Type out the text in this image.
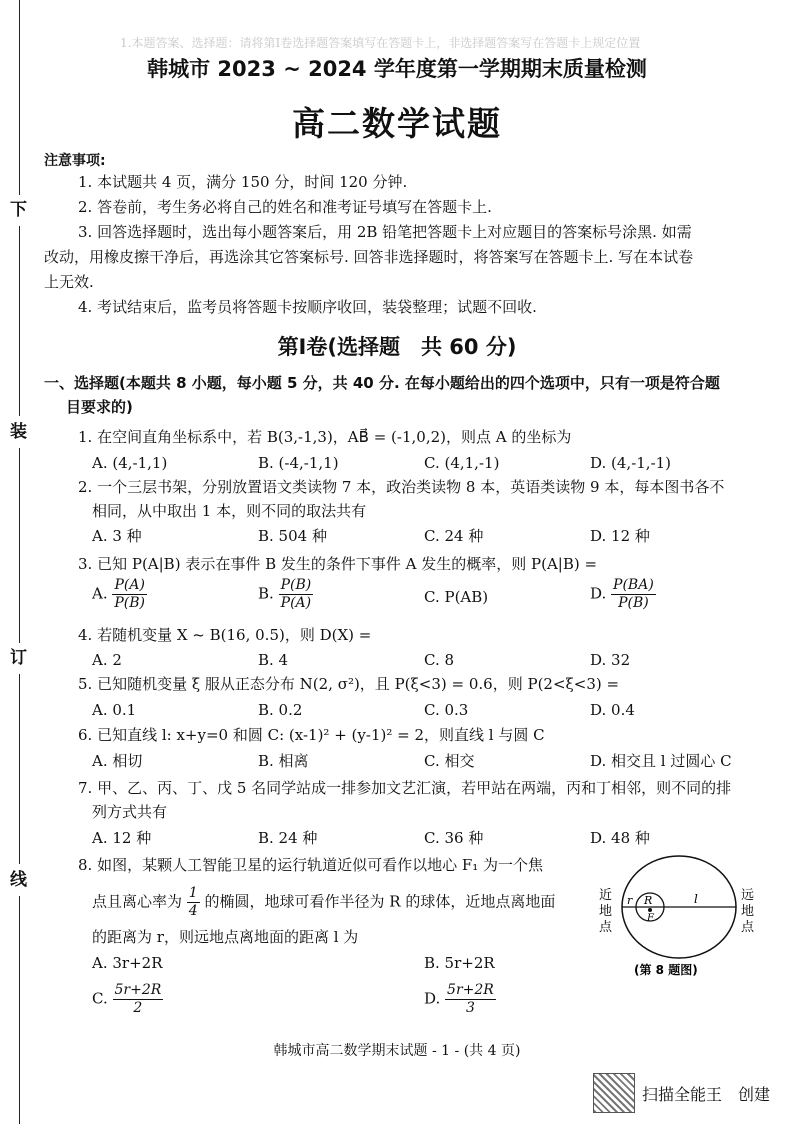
1.本题答案、选择题：请将第Ⅰ卷选择题答案填写在答题卡上，非选择题答案写在答题卡上规定位置
下
装
订
线
韩城市 2023 ~ 2024 学年度第一学期期末质量检测
高二数学试题
注意事项:
1. 本试题共 4 页，满分 150 分，时间 120 分钟.
2. 答卷前，考生务必将自己的姓名和准考证号填写在答题卡上.
3. 回答选择题时，选出每小题答案后，用 2B 铅笔把答题卡上对应题目的答案标号涂黑. 如需
改动，用橡皮擦干净后，再选涂其它答案标号. 回答非选择题时，将答案写在答题卡上. 写在本试卷
上无效.
4. 考试结束后，监考员将答题卡按顺序收回，装袋整理；试题不回收.
第Ⅰ卷(选择题　共 60 分)
一、选择题(本题共 8 小题，每小题 5 分，共 40 分. 在每小题给出的四个选项中，只有一项是符合题
目要求的)
1. 在空间直角坐标系中，若 B(3,-1,3)，AB⃗ = (-1,0,2)，则点 A 的坐标为
A. (4,-1,1)	B. (-4,-1,1)	C. (4,1,-1)	D. (4,-1,-1)
2. 一个三层书架，分别放置语文类读物 7 本，政治类读物 8 本，英语类读物 9 本，每本图书各不
相同，从中取出 1 本，则不同的取法共有
A. 3 种	B. 504 种	C. 24 种	D. 12 种
3. 已知 P(A|B) 表示在事件 B 发生的条件下事件 A 发生的概率，则 P(A|B) =
A. $\frac{P(A)}{P(B)}$	B. $\frac{P(B)}{P(A)}$	C. P(AB)	D. $\frac{P(BA)}{P(B)}$
4. 若随机变量 X ~ B(16, 0.5)，则 D(X) =
A. 2	B. 4	C. 8	D. 32
5. 已知随机变量 ξ 服从正态分布 N(2, σ²)，且 P(ξ<3) = 0.6，则 P(2<ξ<3) =
A. 0.1	B. 0.2	C. 0.3	D. 0.4
6. 已知直线 l: x+y=0 和圆 C: (x-1)² + (y-1)² = 2，则直线 l 与圆 C
A. 相切	B. 相离	C. 相交	D. 相交且 l 过圆心 C
7. 甲、乙、丙、丁、戊 5 名同学站成一排参加文艺汇演，若甲站在两端，丙和丁相邻，则不同的排
列方式共有
A. 12 种	B. 24 种	C. 36 种	D. 48 种
8. 如图，某颗人工智能卫星的运行轨道近似可看作以地心 F₁ 为一个焦
点且离心率为 $\frac{1}{4}$ 的椭圆，地球可看作半径为 R 的球体，近地点离地面
的距离为 r，则远地点离地面的距离 l 为
A. 3r+2R	B. 5r+2R
C. $\frac{5r+2R}{2}$	D. $\frac{5r+2R}{3}$
近
地
点
远
地
点
r R
F
l
(第 8 题图)
韩城市高二数学期末试题 - 1 - (共 4 页)
扫描全能王　创建
